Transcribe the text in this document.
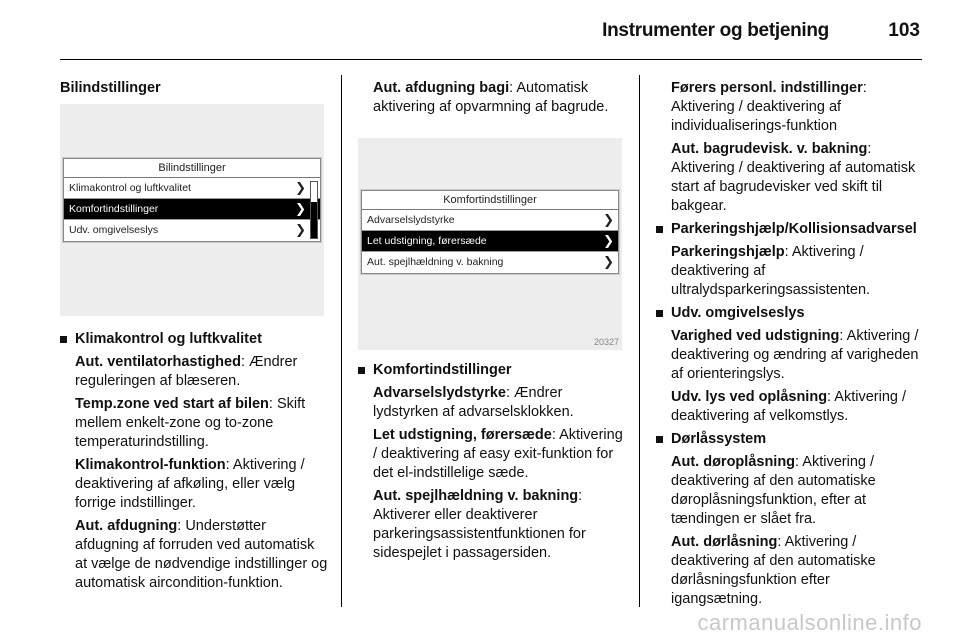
Instrumenter og betjening	103
Bilindstillinger
Bilindstillinger
Klimakontrol og luftkvalitet	❯
Komfortindstillinger	❯
Udv. omgivelseslys	❯
Klimakontrol og luftkvalitet
Aut. ventilatorhastighed: Ændrer reguleringen af blæseren.
Temp.zone ved start af bilen: Skift mellem enkelt-zone og to-zone temperaturindstilling.
Klimakontrol-funktion: Aktivering / deaktivering af afkøling, eller vælg forrige indstillinger.
Aut. afdugning: Understøtter afdugning af forruden ved automatisk at vælge de nødvendige indstillinger og automatisk aircondition-funktion.
Aut. afdugning bagi: Automatisk aktivering af opvarmning af bagrude.
Komfortindstillinger
Advarselslydstyrke	❯
Let udstigning, førersæde	❯
Aut. spejlhældning v. bakning	❯
20327
Komfortindstillinger
Advarselslydstyrke: Ændrer lydstyrken af advarselsklokken.
Let udstigning, førersæde: Aktivering / deaktivering af easy exit-funktion for det el-indstillelige sæde.
Aut. spejlhældning v. bakning: Aktiverer eller deaktiverer parkeringsassistentfunktionen for sidespejlet i passagersiden.
Førers personl. indstillinger: Aktivering / deaktivering af individualiserings-funktion
Aut. bagrudevisk. v. bakning: Aktivering / deaktivering af automatisk start af bagrudevisker ved skift til bakgear.
Parkeringshjælp/Kollisionsadvarsel
Parkeringshjælp: Aktivering / deaktivering af ultralydsparkeringsassistenten.
Udv. omgivelseslys
Varighed ved udstigning: Aktivering / deaktivering og ændring af varigheden af orienteringslys.
Udv. lys ved oplåsning: Aktivering / deaktivering af velkomstlys.
Dørlåssystem
Aut. døroplåsning: Aktivering / deaktivering af den automatiske døroplåsningsfunktion, efter at tændingen er slået fra.
Aut. dørlåsning: Aktivering / deaktivering af den automatiske dørlåsningsfunktion efter igangsætning.
carmanualsonline.info
